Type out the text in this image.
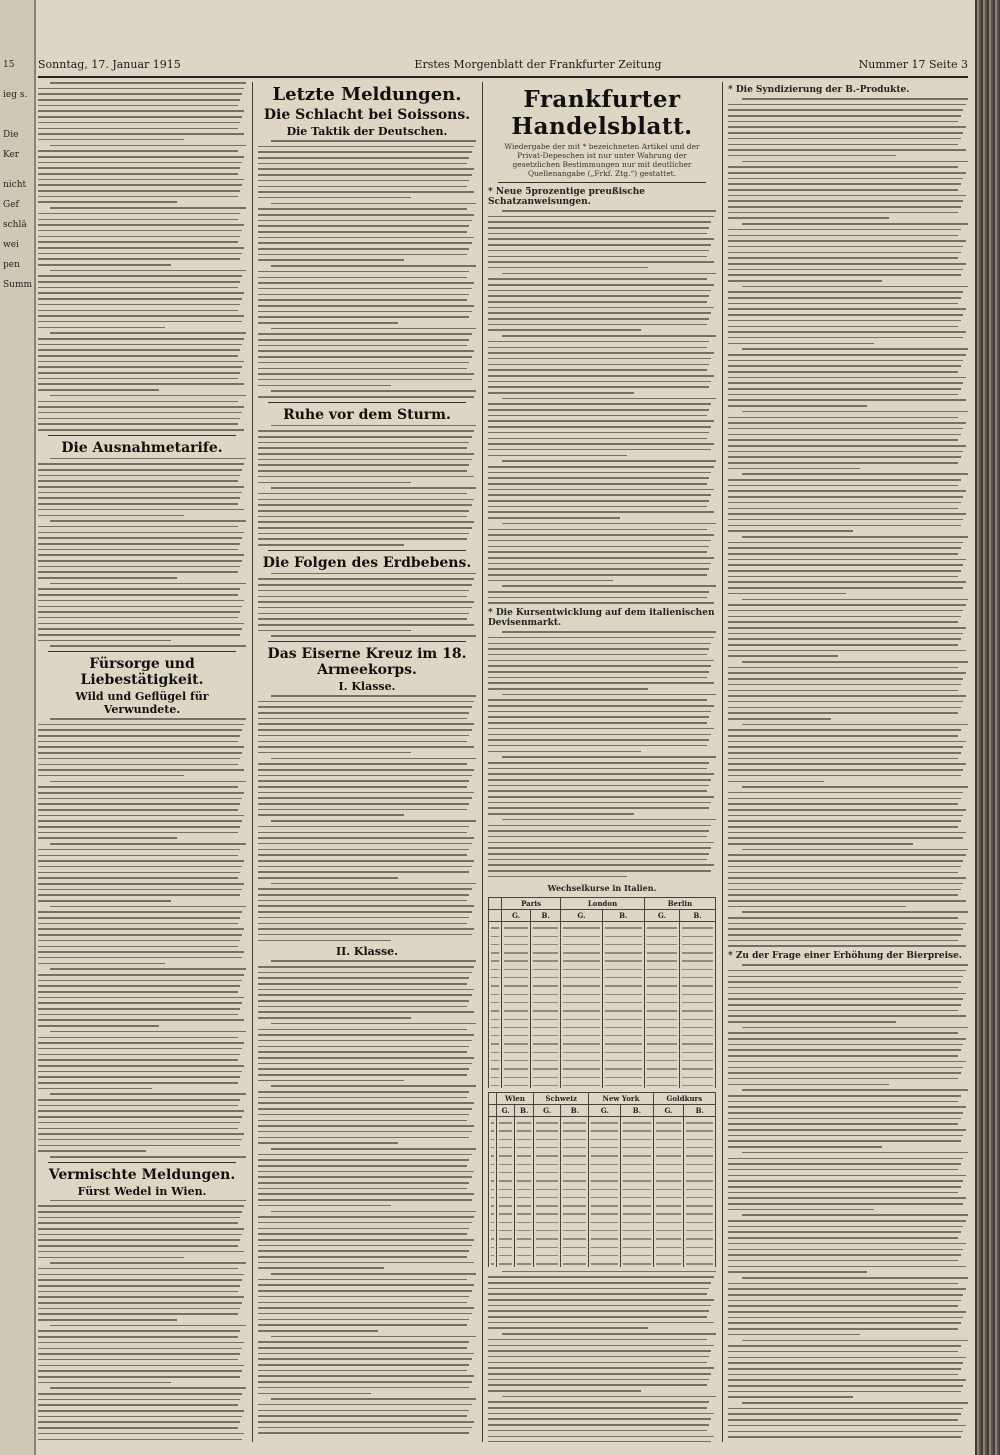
15
ieg s.
Die
Ker
nicht
Gef
schlä
wei
pen
Summ
Sonntag, 17. Januar 1915	Erstes Morgenblatt der Frankfurter Zeitung	Nummer 17 Seite 3
Die Ausnahmetarife.
Fürsorge und Liebestätigkeit.
Wild und Geflügel für Verwundete.
Vermischte Meldungen.
Fürst Wedel in Wien.
Letzte Meldungen.
Die Schlacht bei Soissons.
Die Taktik der Deutschen.
Ruhe vor dem Sturm.
Die Folgen des Erdbebens.
Das Eiserne Kreuz im 18. Armeekorps.
I. Klasse.
II. Klasse.
Frankfurter Handelsblatt.
Wiedergabe der mit * bezeichneten Artikel und der Privat-Depeschen ist nur unter Wahrung der gesetzlichen Bestimmungen nur mit deutlicher Quellenangabe („Frkf. Ztg.“) gestattet.
* Neue 5prozentige preußische Schatzanweisungen.
* Die Kursentwicklung auf dem italienischen Devisenmarkt.
Wechselkurse in Italien.
	Paris		London		Berlin	
	G.	B.	G.	B.	G.	B.

	Wien		Schweiz		New York		Goldkurs	
	G.	B.	G.	B.	G.	B.	G.	B.

* Die Syndizierung der B.-Produkte.
* Zu der Frage einer Erhöhung der Bierpreise.
